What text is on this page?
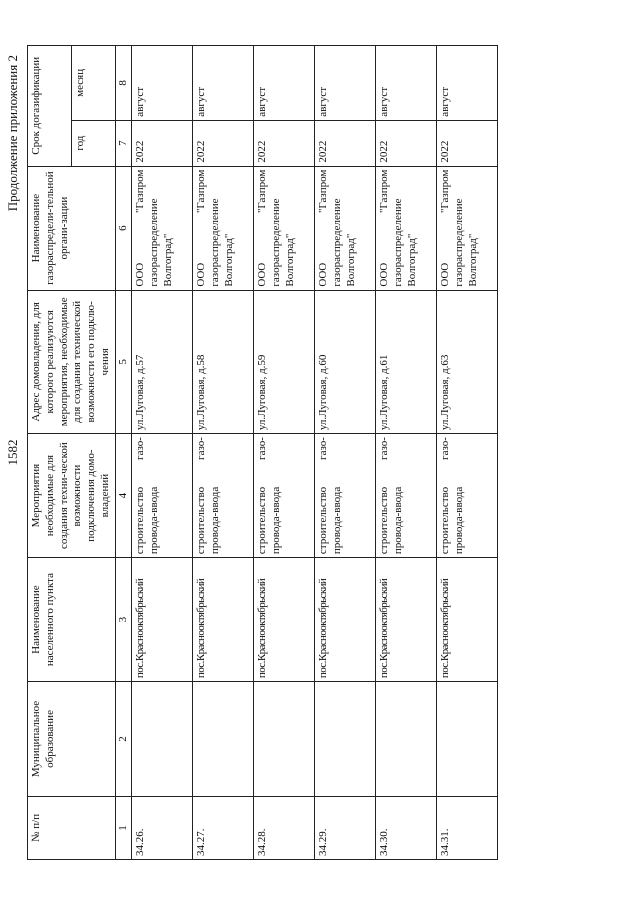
1582
Продолжение приложения 2
№ п/п	Муниципальное образование	Наименование населенного пункта	Мероприятия необходимые для создания техни-ческой возможности подключения домо-владений	Адрес домовладения, для которого реализуются мероприятия, необходимые для создания технической возможности его подклю-чения	Наименование газораспредели-тельной органи-зации	Срок догазификации	
						год	месяц
1	2	3	4	5	6	7	8
34.26.		пос.Краснооктябрьский	строительство газо-провода-ввода	ул.Луговая, д.57	ООО "Газпром газораспределение Волгоград"	2022	август
34.27.		пос.Краснооктябрьский	строительство газо-провода-ввода	ул.Луговая, д.58	ООО "Газпром газораспределение Волгоград"	2022	август
34.28.		пос.Краснооктябрьский	строительство газо-провода-ввода	ул.Луговая, д.59	ООО "Газпром газораспределение Волгоград"	2022	август
34.29.		пос.Краснооктябрьский	строительство газо-провода-ввода	ул.Луговая, д.60	ООО "Газпром газораспределение Волгоград"	2022	август
34.30.		пос.Краснооктябрьский	строительство газо-провода-ввода	ул.Луговая, д.61	ООО "Газпром газораспределение Волгоград"	2022	август
34.31.		пос.Краснооктябрьский	строительство газо-провода-ввода	ул.Луговая, д.63	ООО "Газпром газораспределение Волгоград"	2022	август
